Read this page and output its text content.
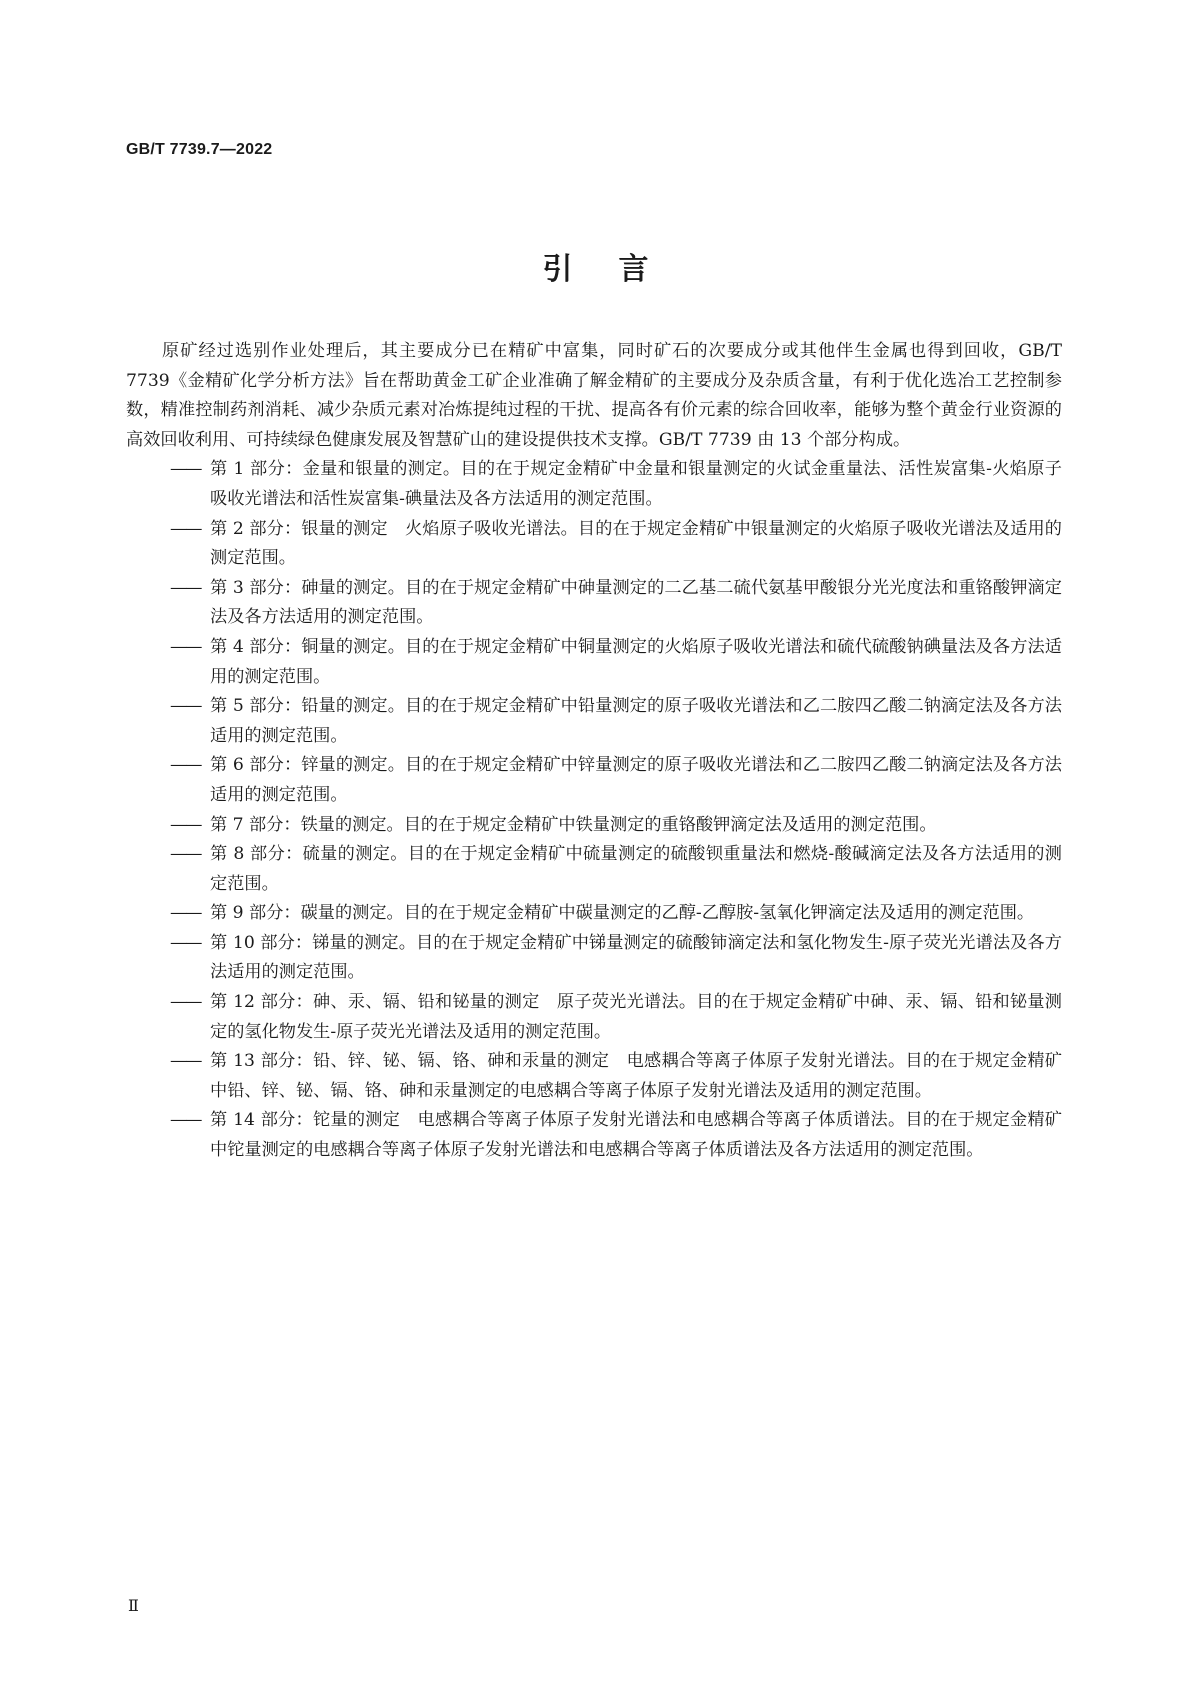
GB/T 7739.7—2022
引言

原矿经过选别作业处理后，其主要成分已在精矿中富集，同时矿石的次要成分或其他伴生金属也得到回收，GB/T 7739《金精矿化学分析方法》旨在帮助黄金工矿企业准确了解金精矿的主要成分及杂质含量，有利于优化选冶工艺控制参数，精准控制药剂消耗、减少杂质元素对冶炼提纯过程的干扰、提高各有价元素的综合回收率，能够为整个黄金行业资源的高效回收利用、可持续绿色健康发展及智慧矿山的建设提供技术支撑。GB/T 7739 由 13 个部分构成。

—— 第 1 部分：金量和银量的测定。目的在于规定金精矿中金量和银量测定的火试金重量法、活性炭富集-火焰原子吸收光谱法和活性炭富集-碘量法及各方法适用的测定范围。
—— 第 2 部分：银量的测定　火焰原子吸收光谱法。目的在于规定金精矿中银量测定的火焰原子吸收光谱法及适用的测定范围。
—— 第 3 部分：砷量的测定。目的在于规定金精矿中砷量测定的二乙基二硫代氨基甲酸银分光光度法和重铬酸钾滴定法及各方法适用的测定范围。
—— 第 4 部分：铜量的测定。目的在于规定金精矿中铜量测定的火焰原子吸收光谱法和硫代硫酸钠碘量法及各方法适用的测定范围。
—— 第 5 部分：铅量的测定。目的在于规定金精矿中铅量测定的原子吸收光谱法和乙二胺四乙酸二钠滴定法及各方法适用的测定范围。
—— 第 6 部分：锌量的测定。目的在于规定金精矿中锌量测定的原子吸收光谱法和乙二胺四乙酸二钠滴定法及各方法适用的测定范围。
—— 第 7 部分：铁量的测定。目的在于规定金精矿中铁量测定的重铬酸钾滴定法及适用的测定范围。
—— 第 8 部分：硫量的测定。目的在于规定金精矿中硫量测定的硫酸钡重量法和燃烧-酸碱滴定法及各方法适用的测定范围。
—— 第 9 部分：碳量的测定。目的在于规定金精矿中碳量测定的乙醇-乙醇胺-氢氧化钾滴定法及适用的测定范围。
—— 第 10 部分：锑量的测定。目的在于规定金精矿中锑量测定的硫酸铈滴定法和氢化物发生-原子荧光光谱法及各方法适用的测定范围。
—— 第 12 部分：砷、汞、镉、铅和铋量的测定　原子荧光光谱法。目的在于规定金精矿中砷、汞、镉、铅和铋量测定的氢化物发生-原子荧光光谱法及适用的测定范围。
—— 第 13 部分：铅、锌、铋、镉、铬、砷和汞量的测定　电感耦合等离子体原子发射光谱法。目的在于规定金精矿中铅、锌、铋、镉、铬、砷和汞量测定的电感耦合等离子体原子发射光谱法及适用的测定范围。
—— 第 14 部分：铊量的测定　电感耦合等离子体原子发射光谱法和电感耦合等离子体质谱法。目的在于规定金精矿中铊量测定的电感耦合等离子体原子发射光谱法和电感耦合等离子体质谱法及各方法适用的测定范围。
Ⅱ
